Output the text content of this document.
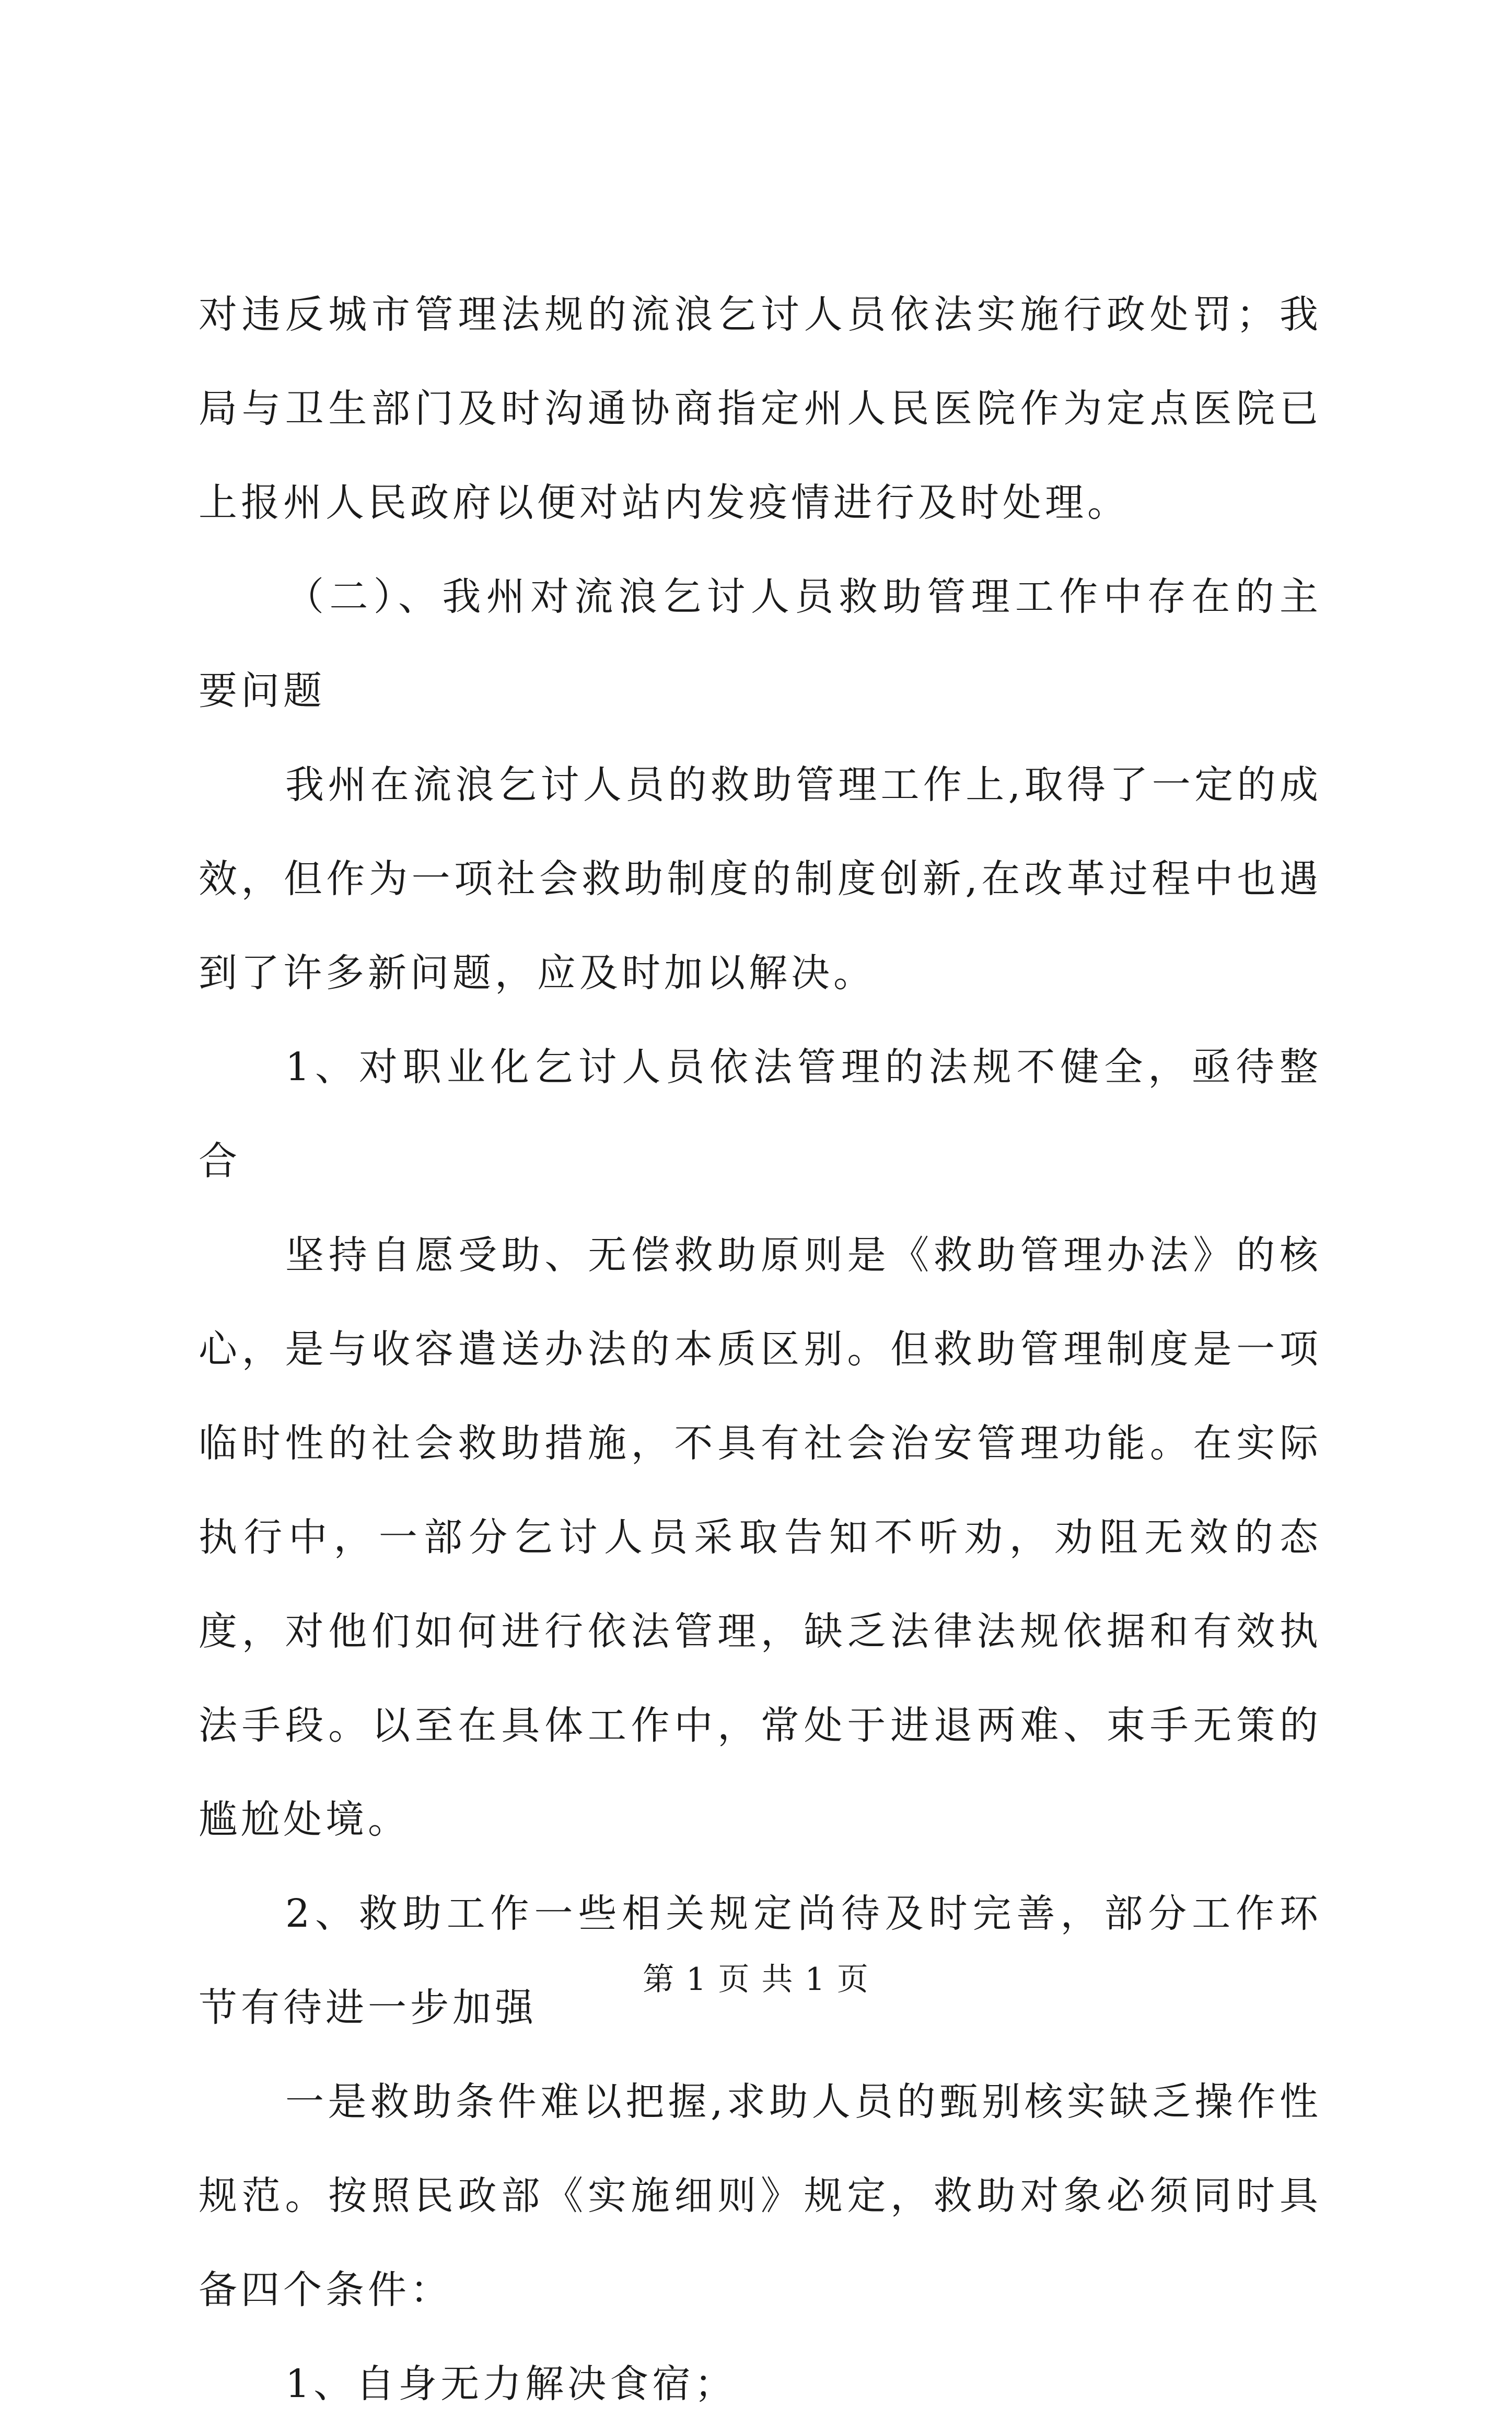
对违反城市管理法规的流浪乞讨人员依法实施行政处罚；我局与卫生部门及时沟通协商指定州人民医院作为定点医院已上报州人民政府以便对站内发疫情进行及时处理。

（二）、我州对流浪乞讨人员救助管理工作中存在的主要问题

我州在流浪乞讨人员的救助管理工作上,取得了一定的成效，但作为一项社会救助制度的制度创新,在改革过程中也遇到了许多新问题，应及时加以解决。

1、对职业化乞讨人员依法管理的法规不健全，亟待整合

坚持自愿受助、无偿救助原则是《救助管理办法》的核心，是与收容遣送办法的本质区别。但救助管理制度是一项临时性的社会救助措施，不具有社会治安管理功能。在实际执行中，一部分乞讨人员采取告知不听劝，劝阻无效的态度，对他们如何进行依法管理，缺乏法律法规依据和有效执法手段。以至在具体工作中，常处于进退两难、束手无策的尴尬处境。

2、救助工作一些相关规定尚待及时完善，部分工作环节有待进一步加强

一是救助条件难以把握,求助人员的甄别核实缺乏操作性规范。按照民政部《实施细则》规定，救助对象必须同时具备四个条件：

1、自身无力解决食宿；

第 1 页 共 1 页
